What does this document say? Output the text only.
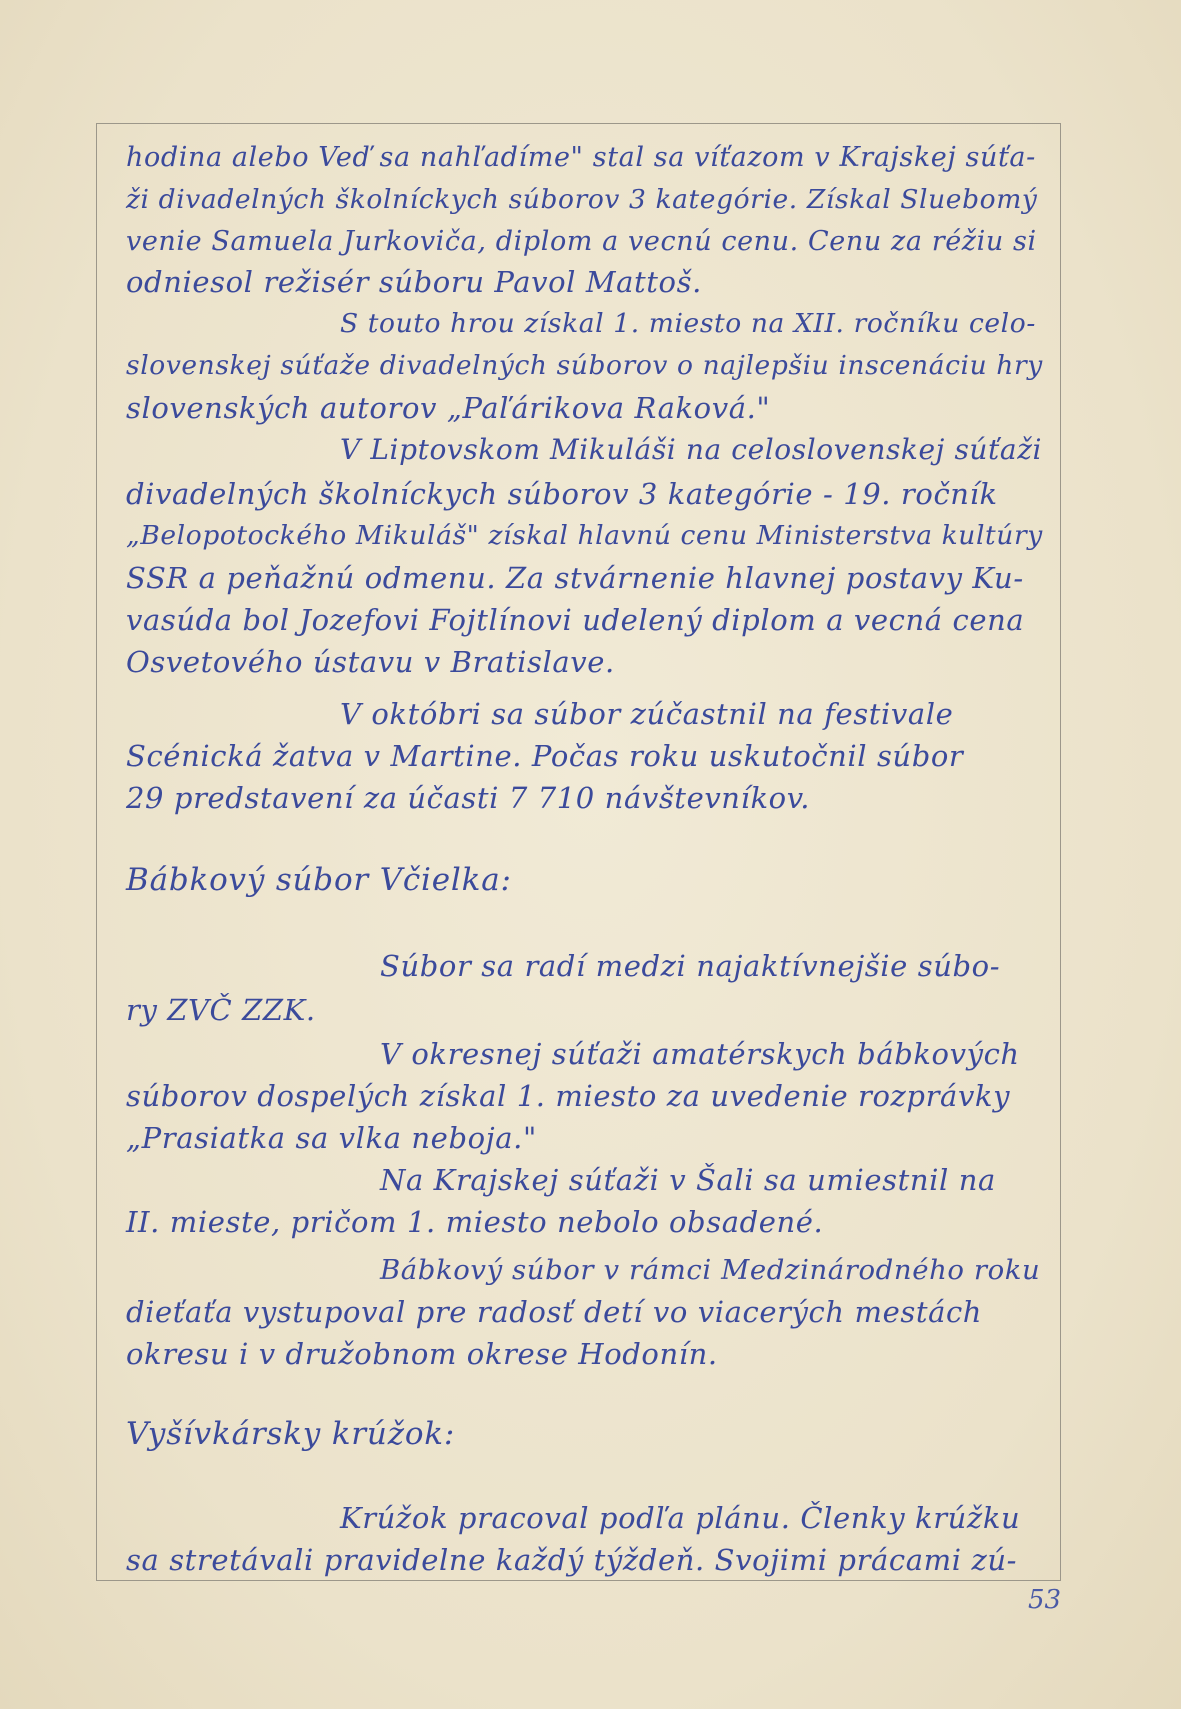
hodina alebo Veď sa nahľadíme" stal sa víťazom v Krajskej súťa-
ži divadelných školníckych súborov 3 kategórie. Získal Sluebomý
venie Samuela Jurkoviča, diplom a vecnú cenu. Cenu za réžiu si
odniesol režisér súboru Pavol Mattoš.
S touto hrou získal 1. miesto na XII. ročníku celo-
slovenskej súťaže divadelných súborov o najlepšiu inscenáciu hry
slovenských autorov „Paľárikova Raková."
V Liptovskom Mikuláši na celoslovenskej súťaži
divadelných školníckych súborov 3 kategórie - 19. ročník
„Belopotockého Mikuláš" získal hlavnú cenu Ministerstva kultúry
SSR a peňažnú odmenu. Za stvárnenie hlavnej postavy Ku-
vasúda bol Jozefovi Fojtlínovi udelený diplom a vecná cena
Osvetového ústavu v Bratislave.
V októbri sa súbor zúčastnil na festivale
Scénická žatva v Martine. Počas roku uskutočnil súbor
29 predstavení za účasti 7 710 návštevníkov.
Bábkový súbor Včielka:
Súbor sa radí medzi najaktívnejšie súbo-
ry ZVČ ZZK.
V okresnej súťaži amatérskych bábkových
súborov dospelých získal 1. miesto za uvedenie rozprávky
„Prasiatka sa vlka neboja."
Na Krajskej súťaži v Šali sa umiestnil na
II. mieste, pričom 1. miesto nebolo obsadené.
Bábkový súbor v rámci Medzinárodného roku
dieťaťa vystupoval pre radosť detí vo viacerých mestách
okresu i v družobnom okrese Hodonín.
Vyšívkársky krúžok:
Krúžok pracoval podľa plánu. Členky krúžku
sa stretávali pravidelne každý týždeň. Svojimi prácami zú-
53
